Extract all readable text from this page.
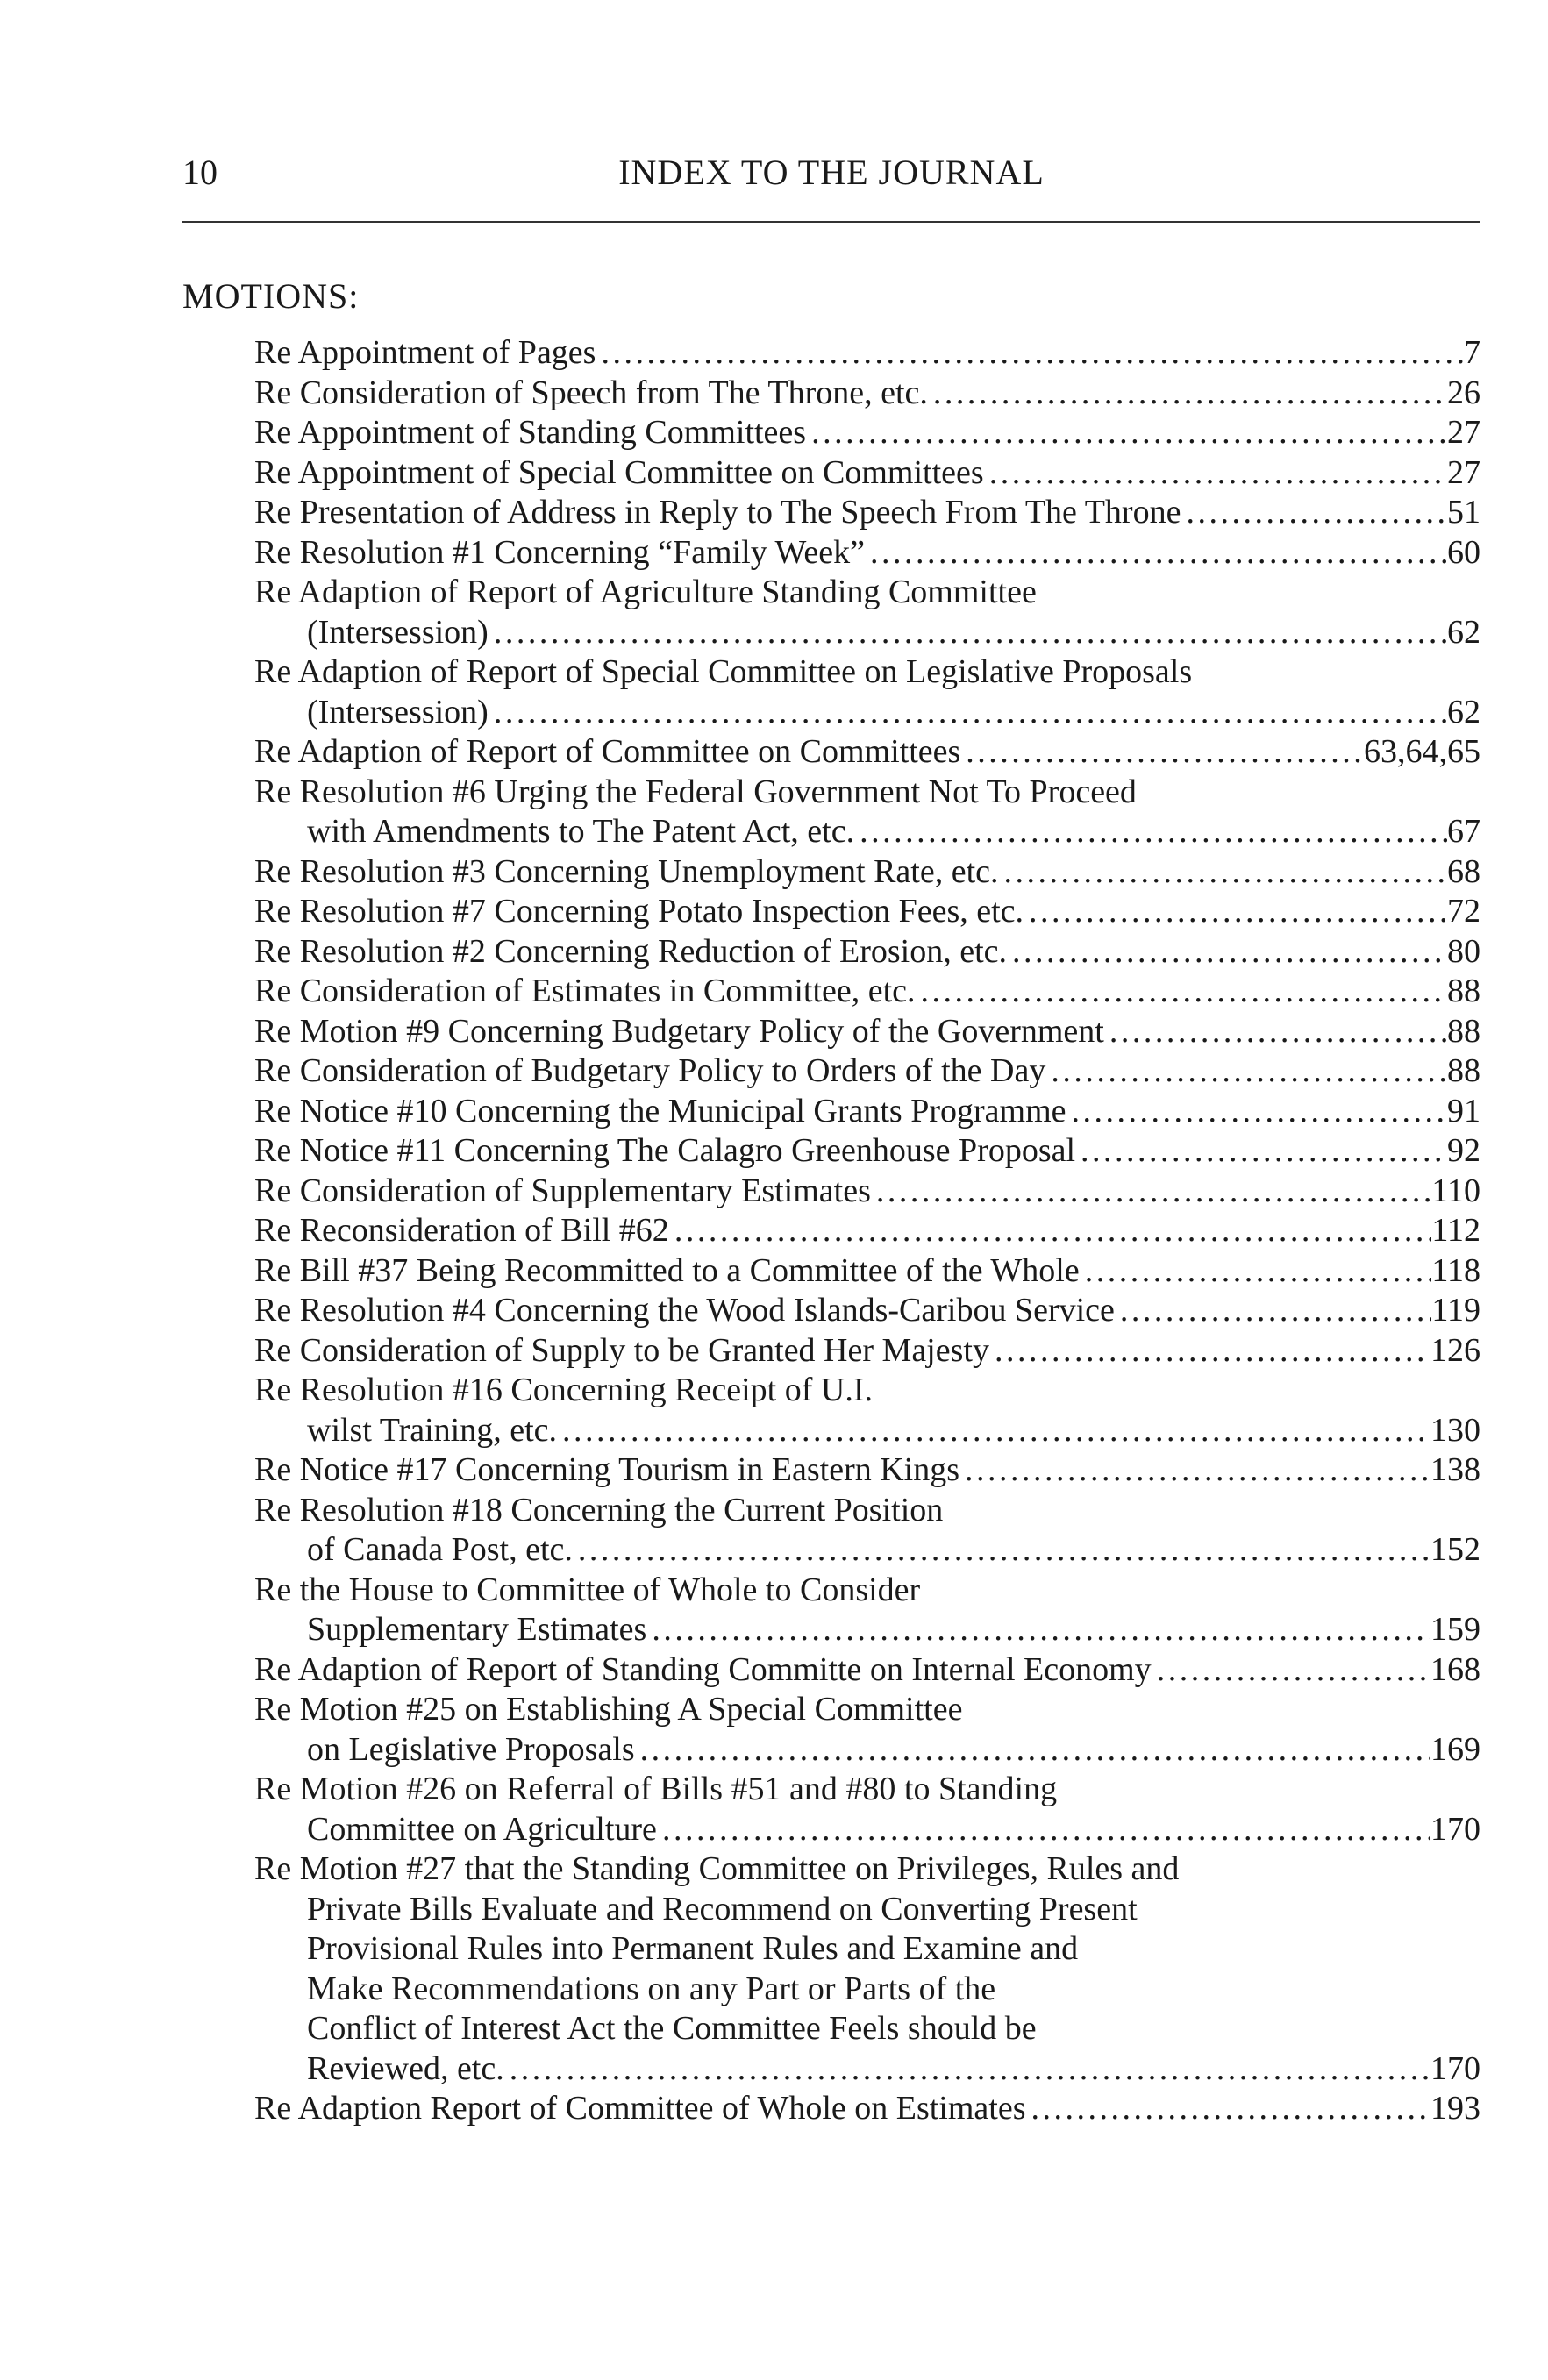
10	INDEX TO THE JOURNAL
MOTIONS:
Re Appointment of Pages . . .	7
Re Consideration of Speech from The Throne, etc. . . .	26
Re Appointment of Standing Committees . . .	27
Re Appointment of Special Committee on Committees . . .	27
Re Presentation of Address in Reply to The Speech From The Throne . . .	51
Re Resolution #1 Concerning “Family Week” . . .	60
Re Adaption of Report of Agriculture Standing Committee
(Intersession) . . .	62
Re Adaption of Report of Special Committee on Legislative Proposals
(Intersession) . . .	62
Re Adaption of Report of Committee on Committees . . .	63,64,65
Re Resolution #6 Urging the Federal Government Not To Proceed
with Amendments to The Patent Act, etc. . . .	67
Re Resolution #3 Concerning Unemployment Rate, etc. . . .	68
Re Resolution #7 Concerning Potato Inspection Fees, etc. . . .	72
Re Resolution #2 Concerning Reduction of Erosion, etc. . . .	80
Re Consideration of Estimates in Committee, etc. . . .	88
Re Motion #9 Concerning Budgetary Policy of the Government . . .	88
Re Consideration of Budgetary Policy to Orders of the Day . . .	88
Re Notice #10 Concerning the Municipal Grants Programme . . .	91
Re Notice #11 Concerning The Calagro Greenhouse Proposal . . .	92
Re Consideration of Supplementary Estimates . . .	110
Re Reconsideration of Bill #62 . . .	112
Re Bill #37 Being Recommitted to a Committee of the Whole . . .	118
Re Resolution #4 Concerning the Wood Islands-Caribou Service . . .	119
Re Consideration of Supply to be Granted Her Majesty . . .	126
Re Resolution #16 Concerning Receipt of U.I.
wilst Training, etc. . . .	130
Re Notice #17 Concerning Tourism in Eastern Kings . . .	138
Re Resolution #18 Concerning the Current Position
of Canada Post, etc. . . .	152
Re the House to Committee of Whole to Consider
Supplementary Estimates . . .	159
Re Adaption of Report of Standing Committe on Internal Economy . . .	168
Re Motion #25 on Establishing A Special Committee
on Legislative Proposals . . .	169
Re Motion #26 on Referral of Bills #51 and #80 to Standing
Committee on Agriculture . . .	170
Re Motion #27 that the Standing Committee on Privileges, Rules and
Private Bills Evaluate and Recommend on Converting Present
Provisional Rules into Permanent Rules and Examine and
Make Recommendations on any Part or Parts of the
Conflict of Interest Act the Committee Feels should be
Reviewed, etc. . . .	170
Re Adaption Report of Committee of Whole on Estimates . . .	193
